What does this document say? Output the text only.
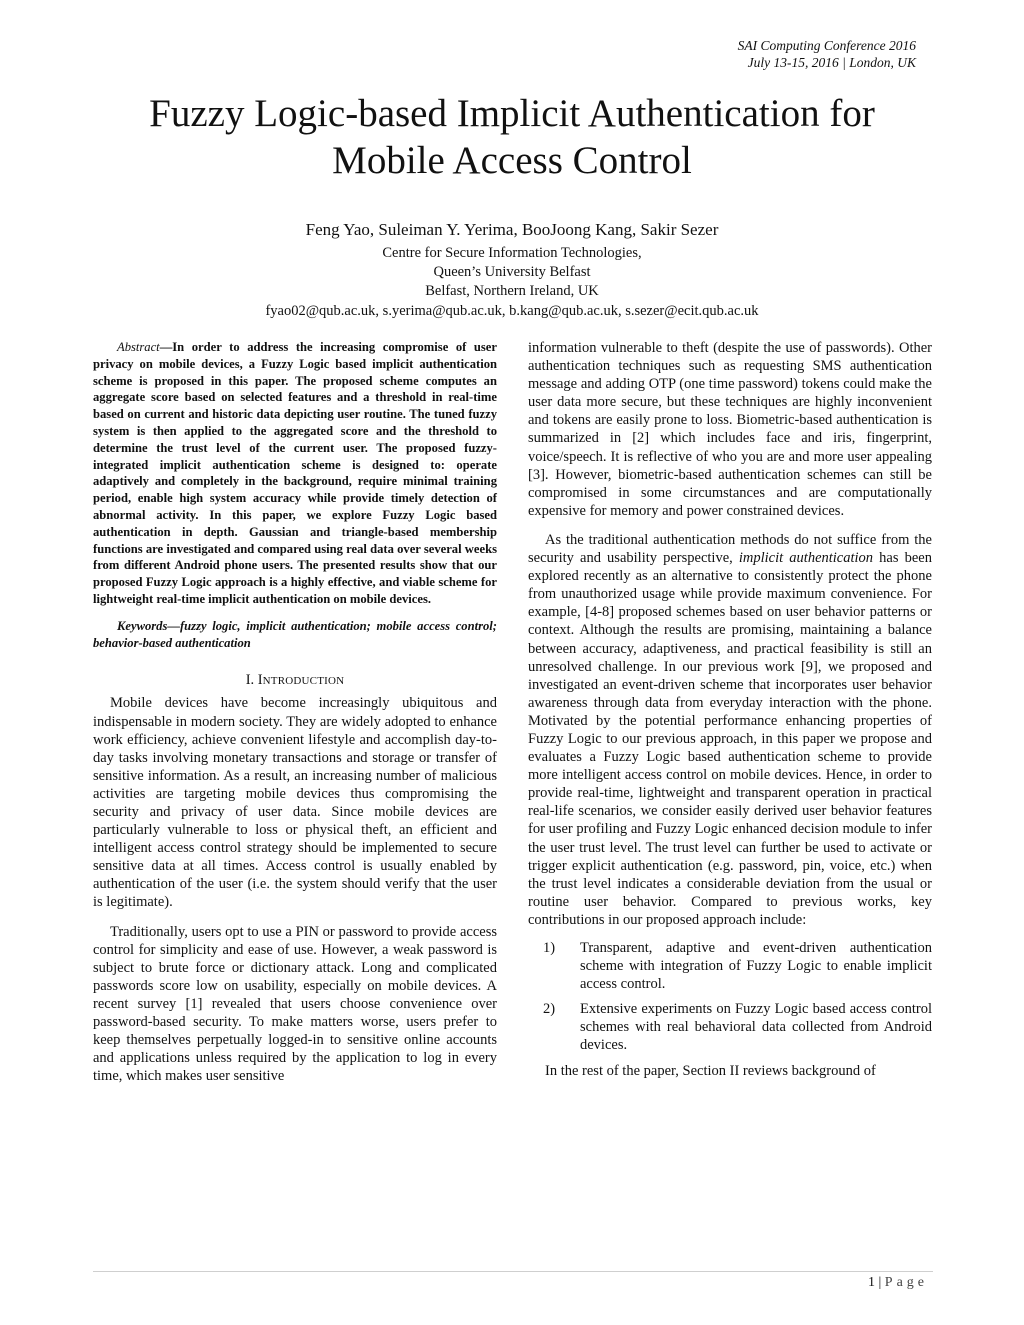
SAI Computing Conference 2016
July 13-15, 2016 | London, UK
Fuzzy Logic-based Implicit Authentication for
Mobile Access Control
Feng Yao, Suleiman Y. Yerima, BooJoong Kang, Sakir Sezer
Centre for Secure Information Technologies,
Queen’s University Belfast
Belfast, Northern Ireland, UK
fyao02@qub.ac.uk, s.yerima@qub.ac.uk, b.kang@qub.ac.uk, s.sezer@ecit.qub.ac.uk

Abstract—In order to address the increasing compromise of user privacy on mobile devices, a Fuzzy Logic based implicit authentication scheme is proposed in this paper. The proposed scheme computes an aggregate score based on selected features and a threshold in real-time based on current and historic data depicting user routine. The tuned fuzzy system is then applied to the aggregated score and the threshold to determine the trust level of the current user. The proposed fuzzy-integrated implicit authentication scheme is designed to: operate adaptively and completely in the background, require minimal training period, enable high system accuracy while provide timely detection of abnormal activity. In this paper, we explore Fuzzy Logic based authentication in depth. Gaussian and triangle-based membership functions are investigated and compared using real data over several weeks from different Android phone users. The presented results show that our proposed Fuzzy Logic approach is a highly effective, and viable scheme for lightweight real-time implicit authentication on mobile devices.

Keywords—fuzzy logic, implicit authentication; mobile access control; behavior-based authentication

I. INTRODUCTION

Mobile devices have become increasingly ubiquitous and indispensable in modern society. They are widely adopted to enhance work efficiency, achieve convenient lifestyle and accomplish day-to-day tasks involving monetary transactions and storage or transfer of sensitive information. As a result, an increasing number of malicious activities are targeting mobile devices thus compromising the security and privacy of user data. Since mobile devices are particularly vulnerable to loss or physical theft, an efficient and intelligent access control strategy should be implemented to secure sensitive data at all times. Access control is usually enabled by authentication of the user (i.e. the system should verify that the user is legitimate).

Traditionally, users opt to use a PIN or password to provide access control for simplicity and ease of use. However, a weak password is subject to brute force or dictionary attack. Long and complicated passwords score low on usability, especially on mobile devices. A recent survey [1] revealed that users choose convenience over password-based security. To make matters worse, users prefer to keep themselves perpetually logged-in to sensitive online accounts and applications unless required by the application to log in every time, which makes user sensitive

information vulnerable to theft (despite the use of passwords). Other authentication techniques such as requesting SMS authentication message and adding OTP (one time password) tokens could make the user data more secure, but these techniques are highly inconvenient and tokens are easily prone to loss. Biometric-based authentication is summarized in [2] which includes face and iris, fingerprint, voice/speech. It is reflective of who you are and more user appealing [3]. However, biometric-based authentication schemes can still be compromised in some circumstances and are computationally expensive for memory and power constrained devices.

As the traditional authentication methods do not suffice from the security and usability perspective, implicit authentication has been explored recently as an alternative to consistently protect the phone from unauthorized usage while provide maximum convenience. For example, [4-8] proposed schemes based on user behavior patterns or context. Although the results are promising, maintaining a balance between accuracy, adaptiveness, and practical feasibility is still an unresolved challenge. In our previous work [9], we proposed and investigated an event-driven scheme that incorporates user behavior awareness through data from everyday interaction with the phone. Motivated by the potential performance enhancing properties of Fuzzy Logic to our previous approach, in this paper we propose and evaluates a Fuzzy Logic based authentication scheme to provide more intelligent access control on mobile devices. Hence, in order to provide real-time, lightweight and transparent operation in practical real-life scenarios, we consider easily derived user behavior features for user profiling and Fuzzy Logic enhanced decision module to infer the user trust level. The trust level can further be used to activate or trigger explicit authentication (e.g. password, pin, voice, etc.) when the trust level indicates a considerable deviation from the usual or routine user behavior. Compared to previous works, key contributions in our proposed approach include:

1) Transparent, adaptive and event-driven authentication scheme with integration of Fuzzy Logic to enable implicit access control.
2) Extensive experiments on Fuzzy Logic based access control schemes with real behavioral data collected from Android devices.

In the rest of the paper, Section II reviews background of

1 | Page
